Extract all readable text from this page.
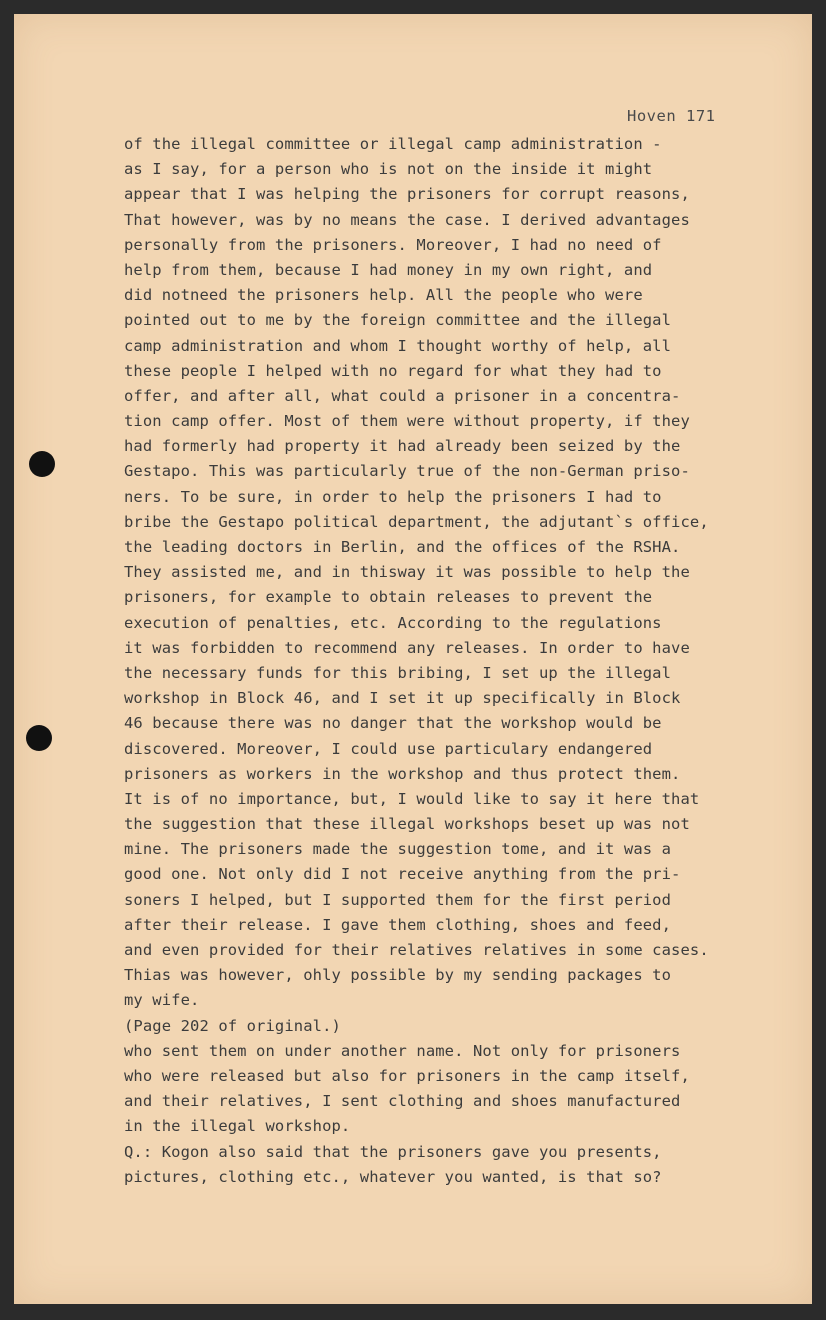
Hoven 171
of the illegal committee or illegal camp administration -
as I say, for a person who is not on the inside it might
appear that I was helping the prisoners for corrupt reasons,
That however, was by no means the case. I derived advantages
personally from the prisoners. Moreover, I had no need of
help from them, because I had money in my own right, and
did notneed the prisoners help. All the people who were
pointed out to me by the foreign committee and the illegal
camp administration and whom I thought worthy of help, all
these people I helped with no regard for what they had to
offer, and after all, what could a prisoner in a concentra-
tion camp offer. Most of them were without property, if they
had formerly had property it had already been seized by the
Gestapo. This was particularly true of the non-German priso-
ners. To be sure, in order to help the prisoners I had to
bribe the Gestapo political department, the adjutant`s office,
the leading doctors in Berlin, and the offices of the RSHA.
They assisted me, and in thisway it was possible to help the
prisoners, for example to obtain releases to prevent the
execution of penalties, etc. According to the regulations
it was forbidden to recommend any releases. In order to have
the necessary funds for this bribing, I set up the illegal
workshop in Block 46, and I set it up specifically in Block
46 because there was no danger that the workshop would be
discovered. Moreover, I could use particulary endangered
prisoners as workers in the workshop and thus protect them.
It is of no importance, but, I would like to say it here that
the suggestion that these illegal workshops beset up was not
mine. The prisoners made the suggestion tome, and it was a
good one. Not only did I not receive anything from the pri-
soners I helped, but I supported them for the first period
after their release. I gave them clothing, shoes and feed,
and even provided for their relatives relatives in some cases.
Thias was however, ohly possible by my sending packages to
my wife.
(Page 202 of original.)
who sent them on under another name. Not only for prisoners
who were released but also for prisoners in the camp itself,
and their relatives, I sent clothing and shoes manufactured
in the illegal workshop.
Q.: Kogon also said that the prisoners gave you presents,
pictures, clothing etc., whatever you wanted, is that so?
